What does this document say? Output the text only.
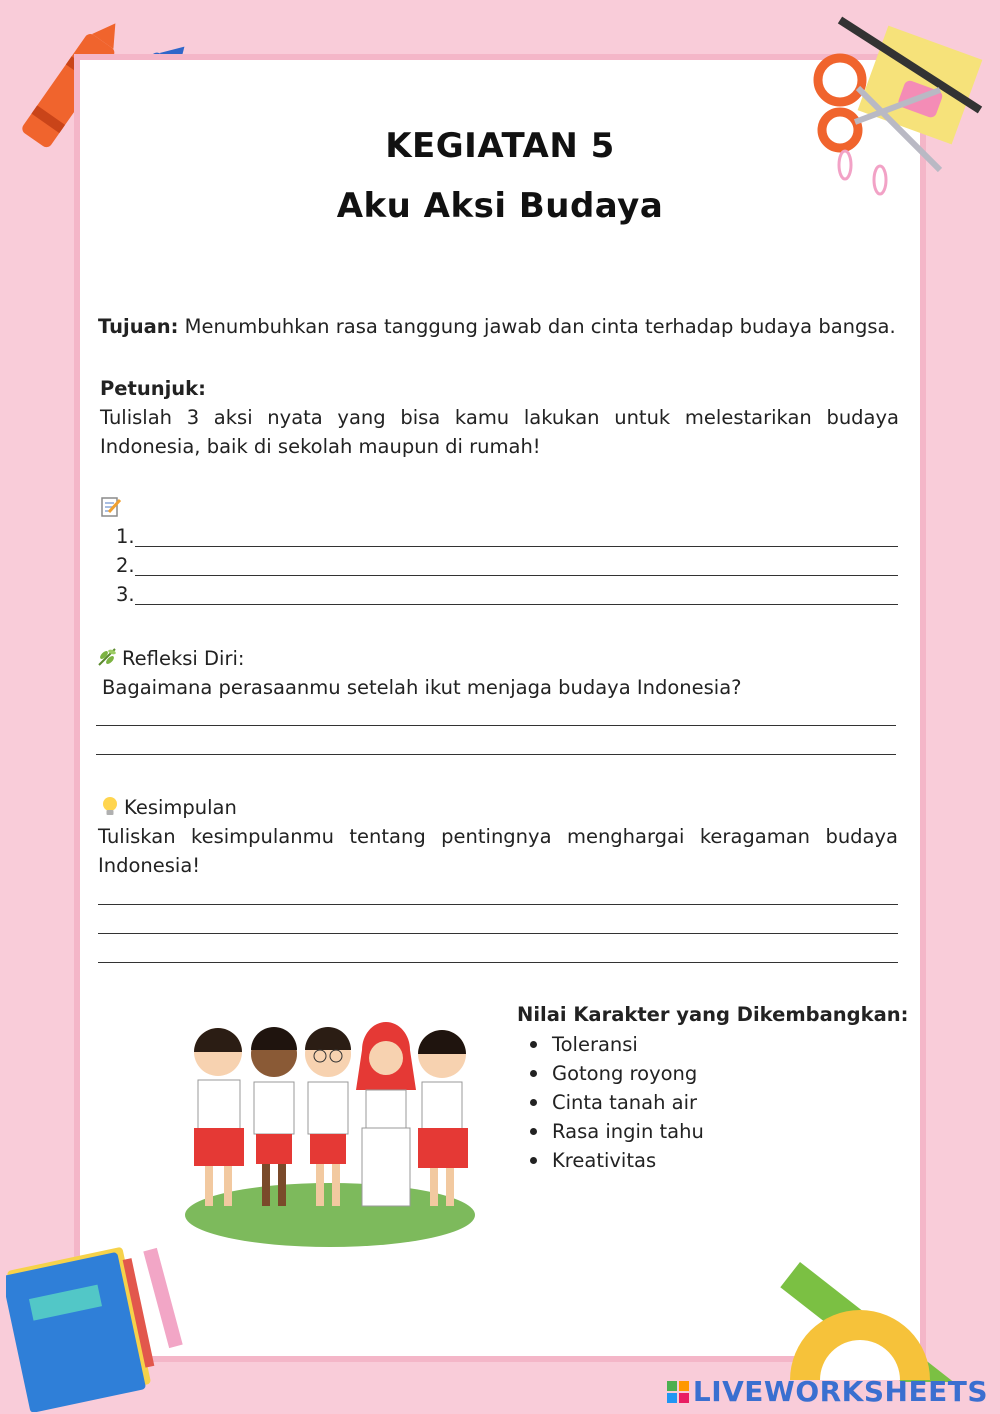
KEGIATAN 5
Aku Aksi Budaya
Tujuan: Menumbuhkan rasa tanggung jawab dan cinta terhadap budaya bangsa.
Petunjuk:
Tulislah 3 aksi nyata yang bisa kamu lakukan untuk melestarikan budaya Indonesia, baik di sekolah maupun di rumah!
1.
2.
3.
Refleksi Diri:
Bagaimana perasaanmu setelah ikut menjaga budaya Indonesia?
Kesimpulan
Tuliskan kesimpulanmu tentang pentingnya menghargai keragaman budaya Indonesia!
Nilai Karakter yang Dikembangkan:
Toleransi
Gotong royong
Cinta tanah air
Rasa ingin tahu
Kreativitas
LIVEWORKSHEETS
